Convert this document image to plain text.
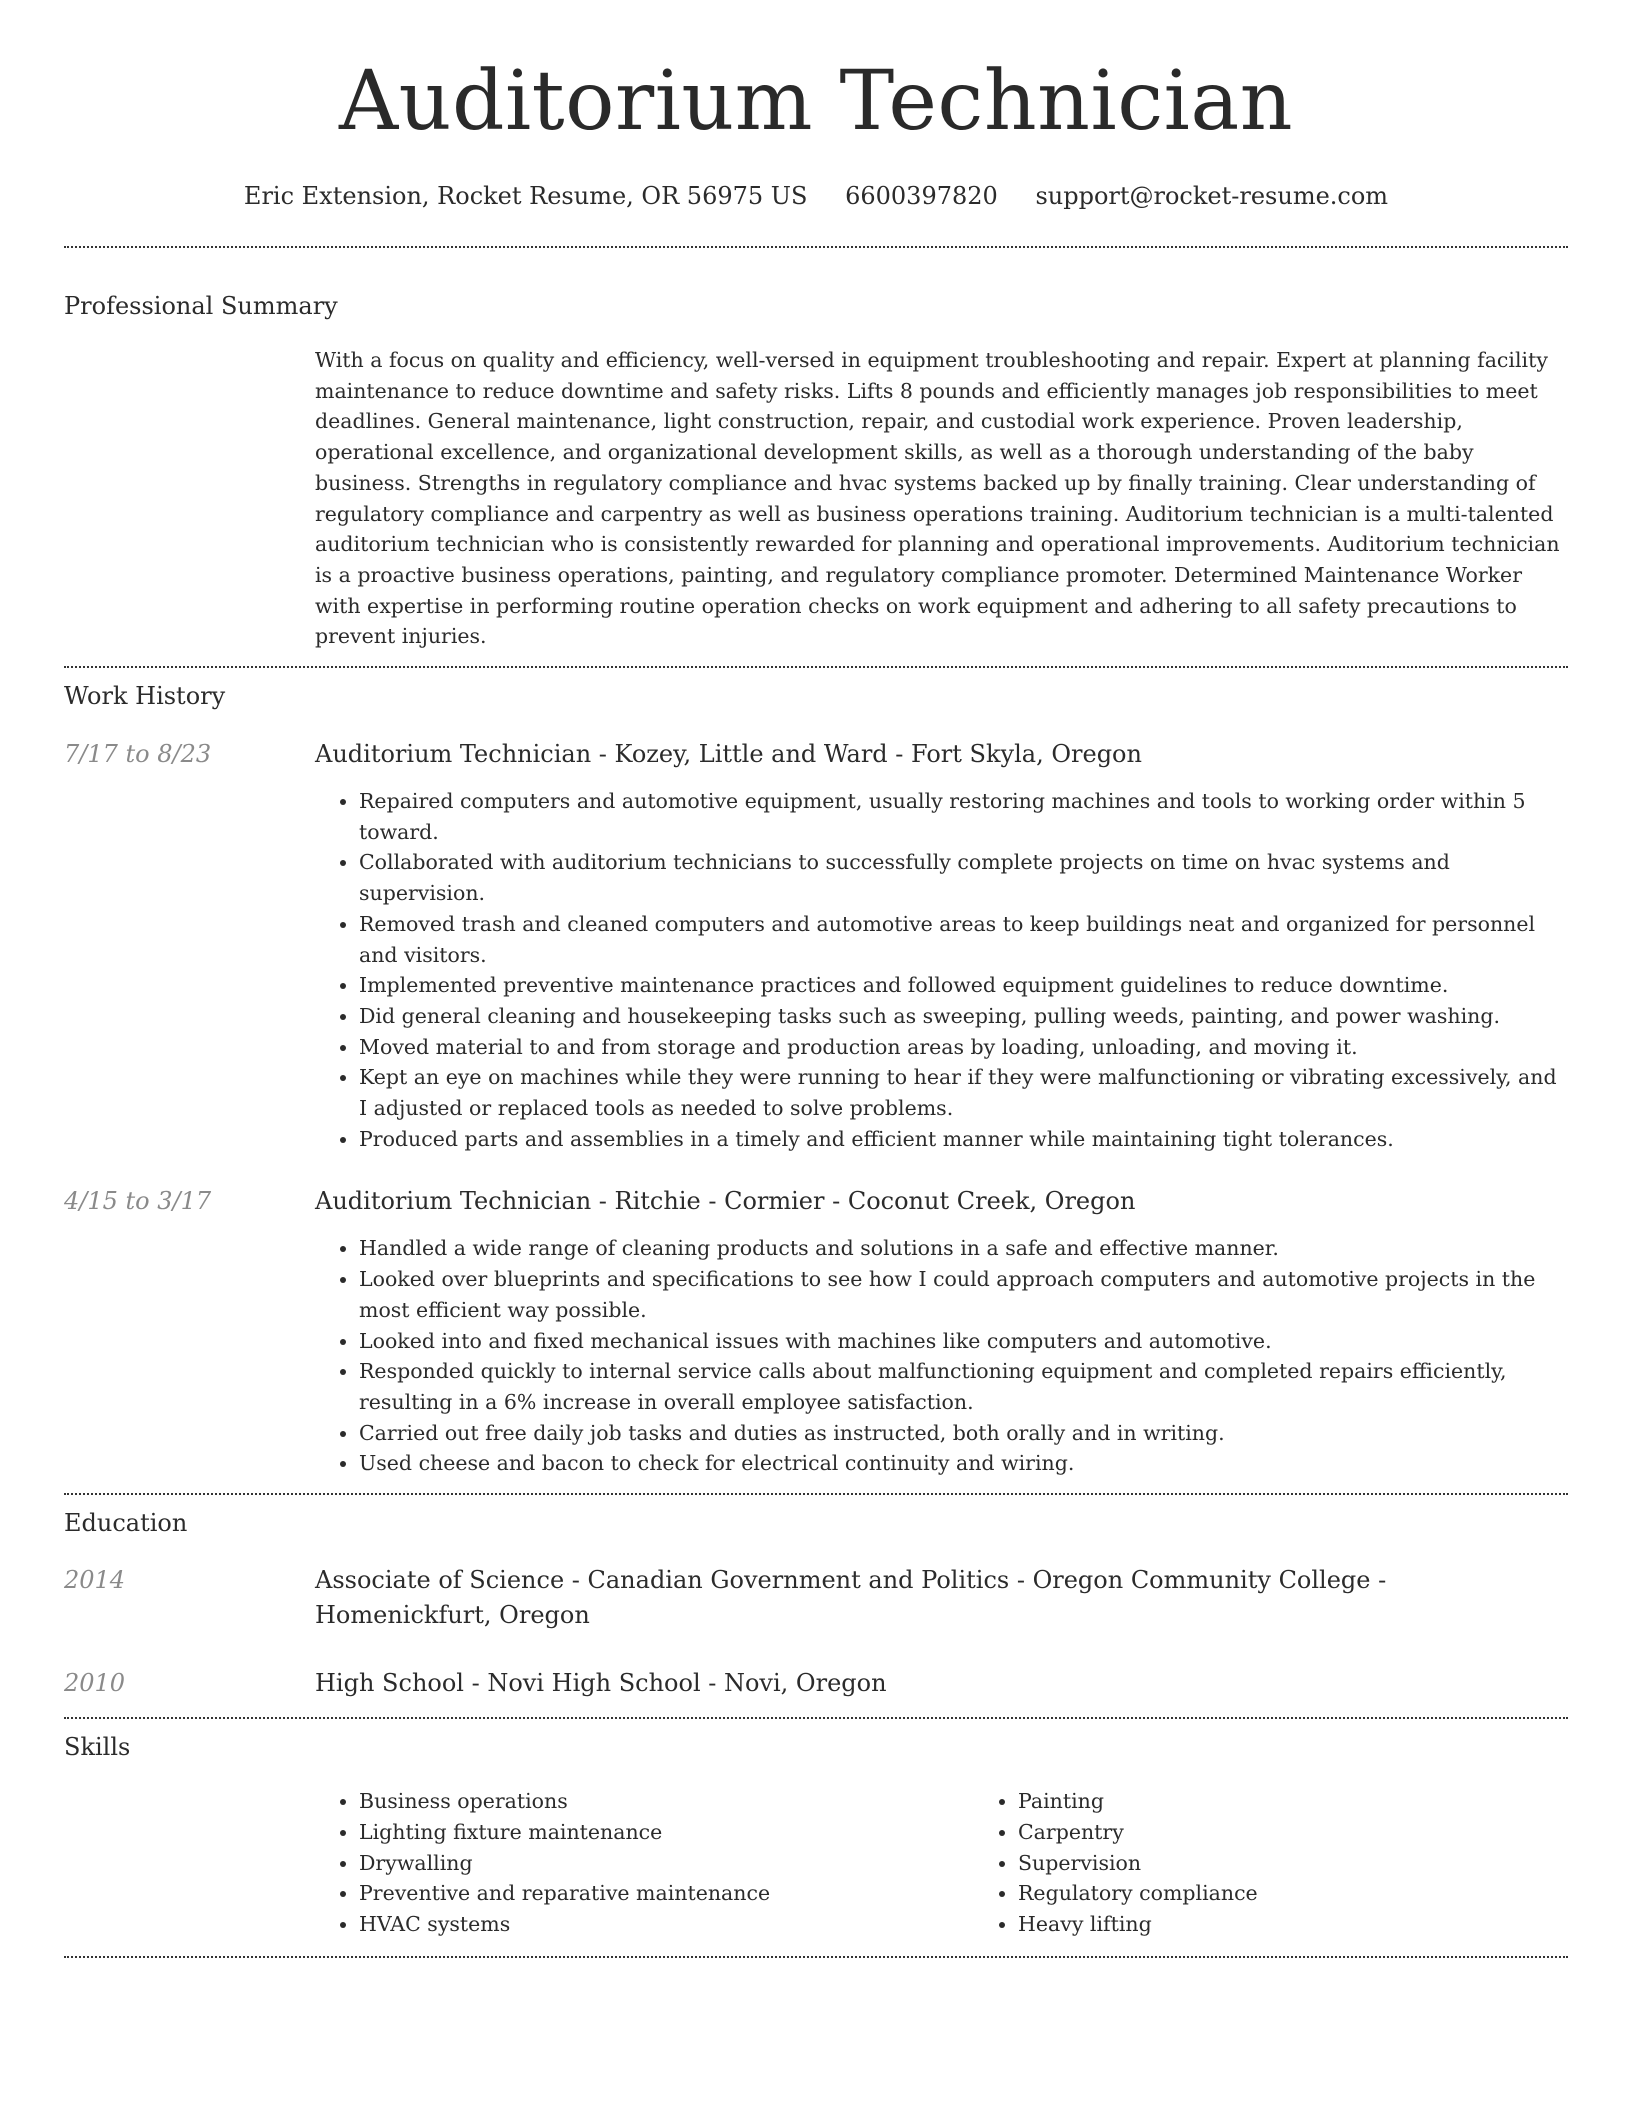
Auditorium Technician
Eric Extension, Rocket Resume, OR 56975 US 6600397820 support@rocket-resume.com
Professional Summary
With a focus on quality and efficiency, well-versed in equipment troubleshooting and repair. Expert at planning facility maintenance to reduce downtime and safety risks. Lifts 8 pounds and efficiently manages job responsibilities to meet deadlines. General maintenance, light construction, repair, and custodial work experience. Proven leadership, operational excellence, and organizational development skills, as well as a thorough understanding of the baby business. Strengths in regulatory compliance and hvac systems backed up by finally training. Clear understanding of regulatory compliance and carpentry as well as business operations training. Auditorium technician is a multi-talented auditorium technician who is consistently rewarded for planning and operational improvements. Auditorium technician is a proactive business operations, painting, and regulatory compliance promoter. Determined Maintenance Worker with expertise in performing routine operation checks on work equipment and adhering to all safety precautions to prevent injuries.
Work History
7/17 to 8/23	Auditorium Technician - Kozey, Little and Ward - Fort Skyla, Oregon
• Repaired computers and automotive equipment, usually restoring machines and tools to working order within 5 toward.
• Collaborated with auditorium technicians to successfully complete projects on time on hvac systems and supervision.
• Removed trash and cleaned computers and automotive areas to keep buildings neat and organized for personnel and visitors.
• Implemented preventive maintenance practices and followed equipment guidelines to reduce downtime.
• Did general cleaning and housekeeping tasks such as sweeping, pulling weeds, painting, and power washing.
• Moved material to and from storage and production areas by loading, unloading, and moving it.
• Kept an eye on machines while they were running to hear if they were malfunctioning or vibrating excessively, and I adjusted or replaced tools as needed to solve problems.
• Produced parts and assemblies in a timely and efficient manner while maintaining tight tolerances.
4/15 to 3/17	Auditorium Technician - Ritchie - Cormier - Coconut Creek, Oregon
• Handled a wide range of cleaning products and solutions in a safe and effective manner.
• Looked over blueprints and specifications to see how I could approach computers and automotive projects in the most efficient way possible.
• Looked into and fixed mechanical issues with machines like computers and automotive.
• Responded quickly to internal service calls about malfunctioning equipment and completed repairs efficiently, resulting in a 6% increase in overall employee satisfaction.
• Carried out free daily job tasks and duties as instructed, both orally and in writing.
• Used cheese and bacon to check for electrical continuity and wiring.
Education
2014	Associate of Science - Canadian Government and Politics - Oregon Community College - Homenickfurt, Oregon
2010	High School - Novi High School - Novi, Oregon
Skills
• Business operations
• Lighting fixture maintenance
• Drywalling
• Preventive and reparative maintenance
• HVAC systems
• Painting
• Carpentry
• Supervision
• Regulatory compliance
• Heavy lifting
